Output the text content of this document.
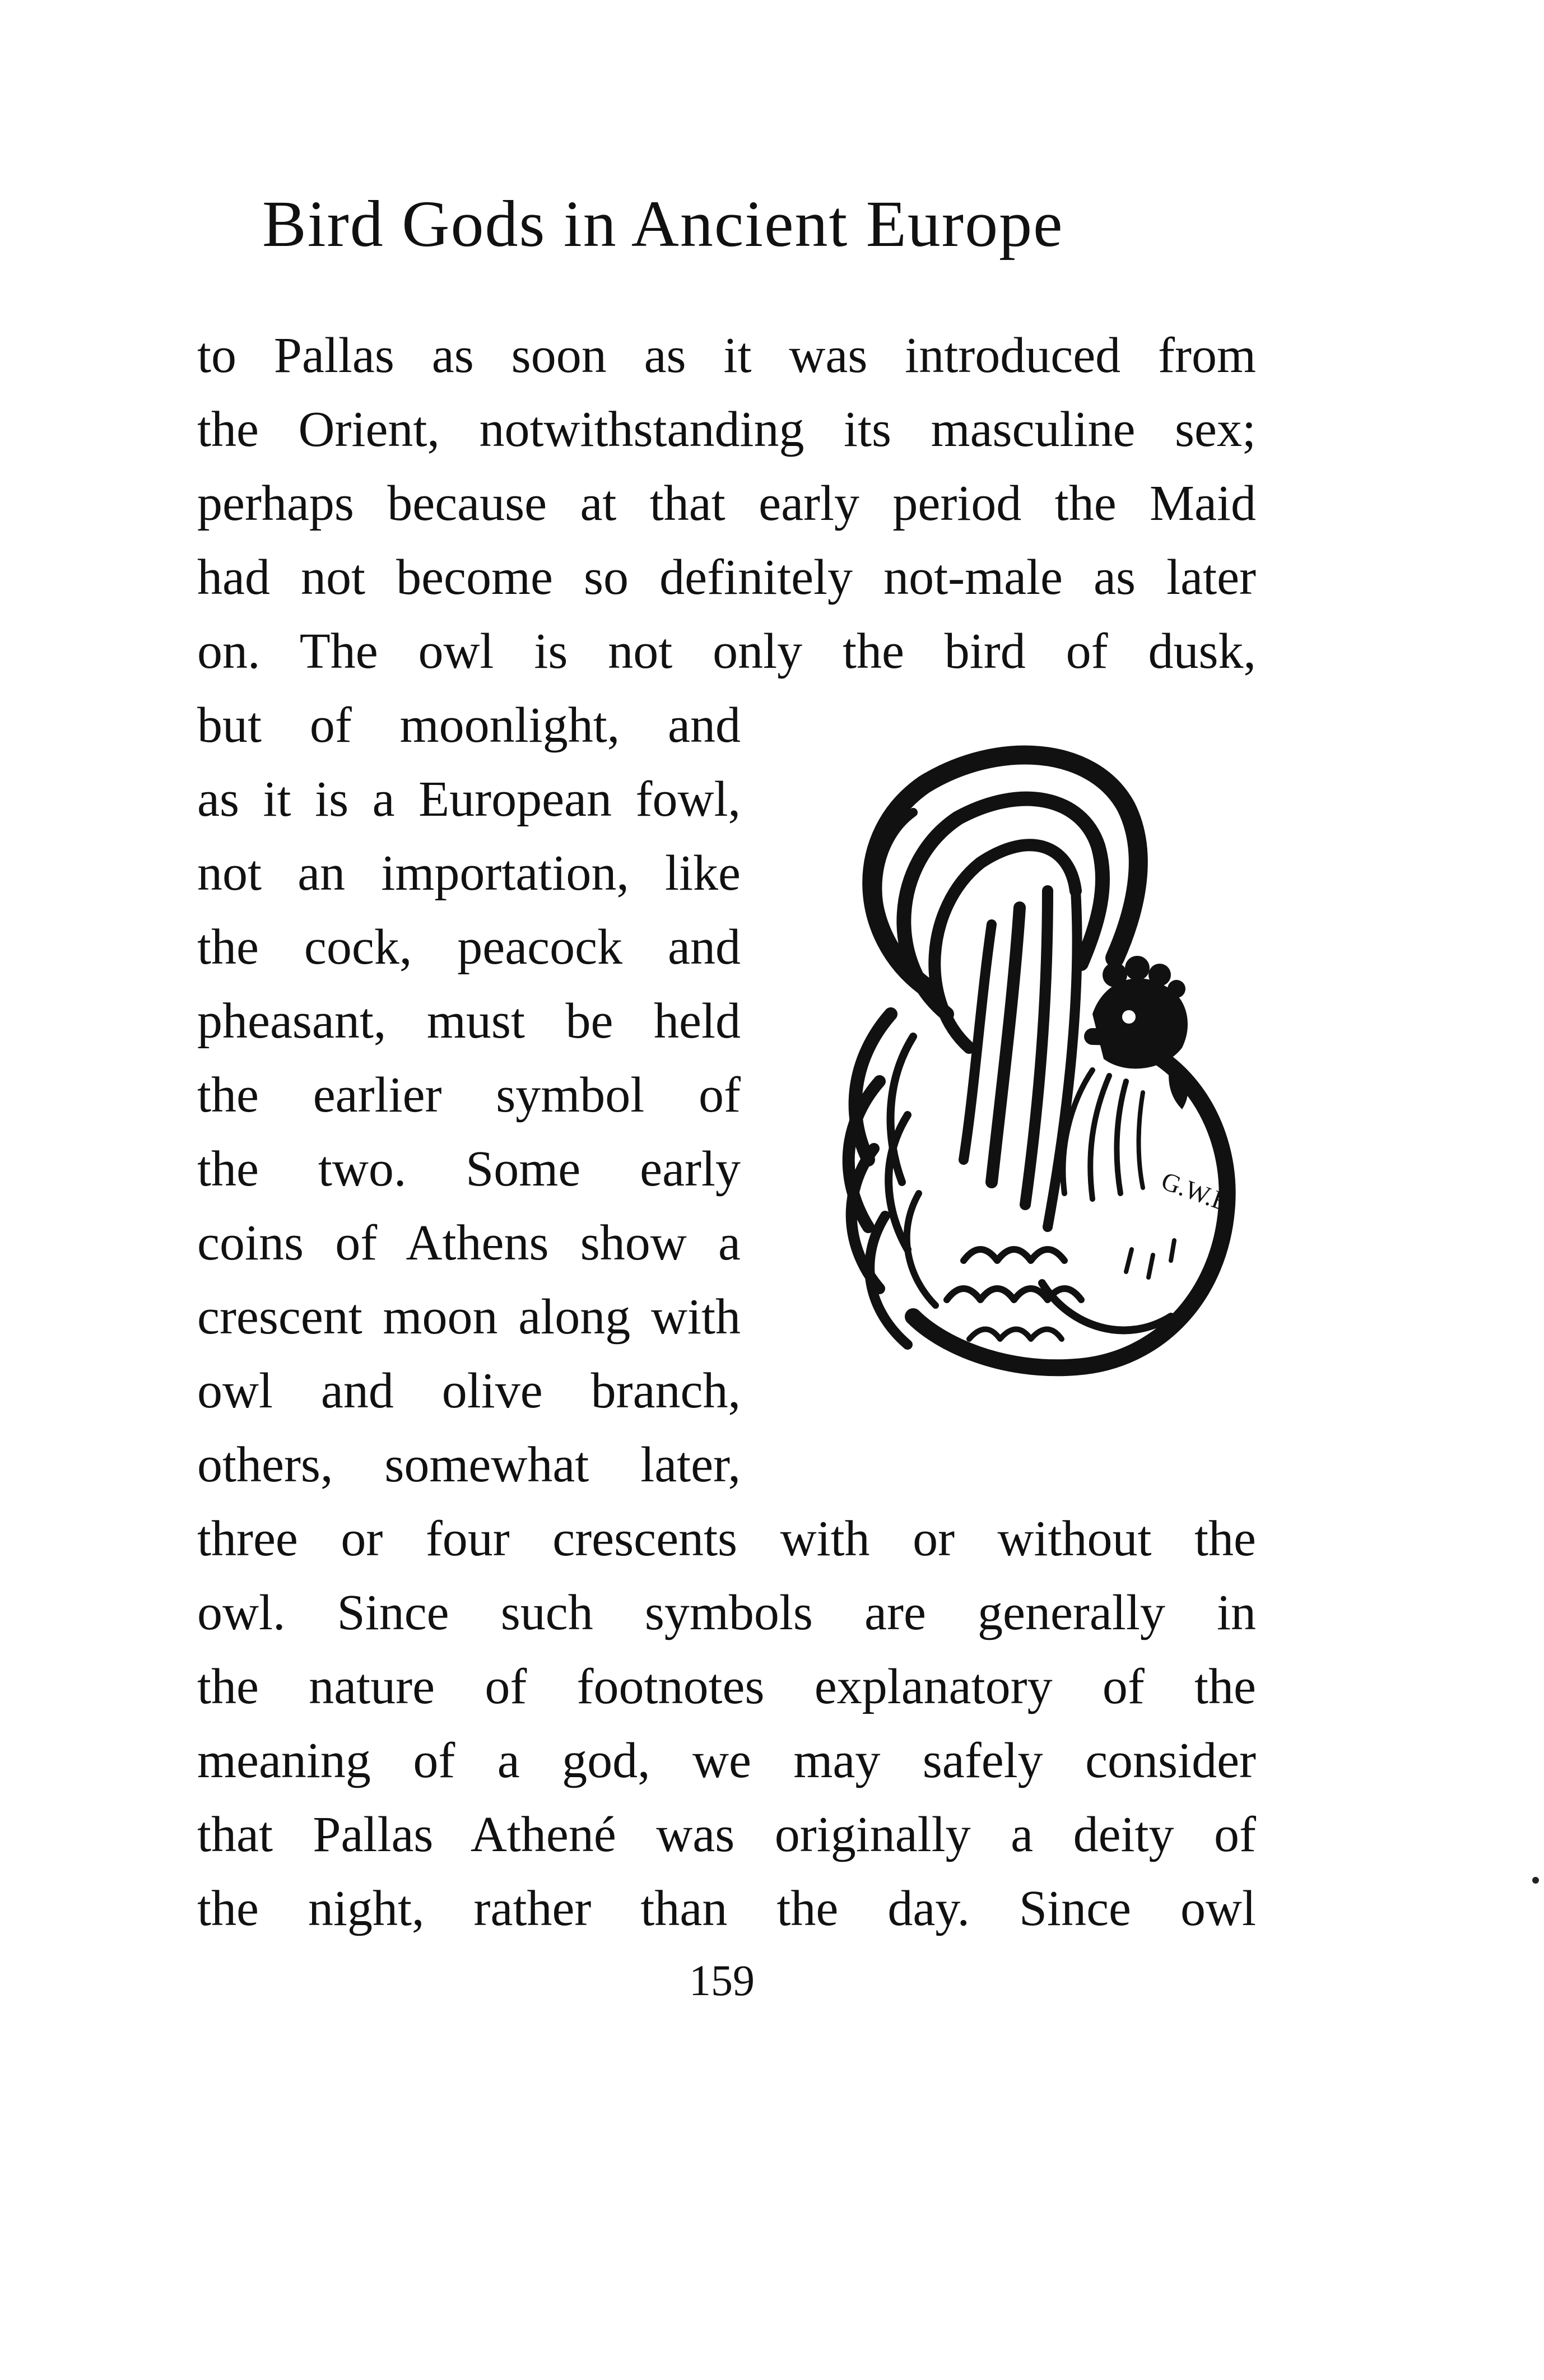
Bird Gods in Ancient Europe
to Pallas as soon as it was introduced from
the Orient, notwithstanding its masculine sex;
perhaps because at that early period the Maid
had not become so definitely not-male as later
on. The owl is not only the bird of dusk,
but of moonlight, and
as it is a European fowl,
not an importation, like
the cock, peacock and
pheasant, must be held
the earlier symbol of
the two. Some early
coins of Athens show a
crescent moon along with
owl and olive branch,
others, somewhat later,
three or four crescents with or without the
owl. Since such symbols are generally in
the nature of footnotes explanatory of the
meaning of a god, we may safely consider
that Pallas Athené was originally a deity of
the night, rather than the day. Since owl
159
G.W.E
